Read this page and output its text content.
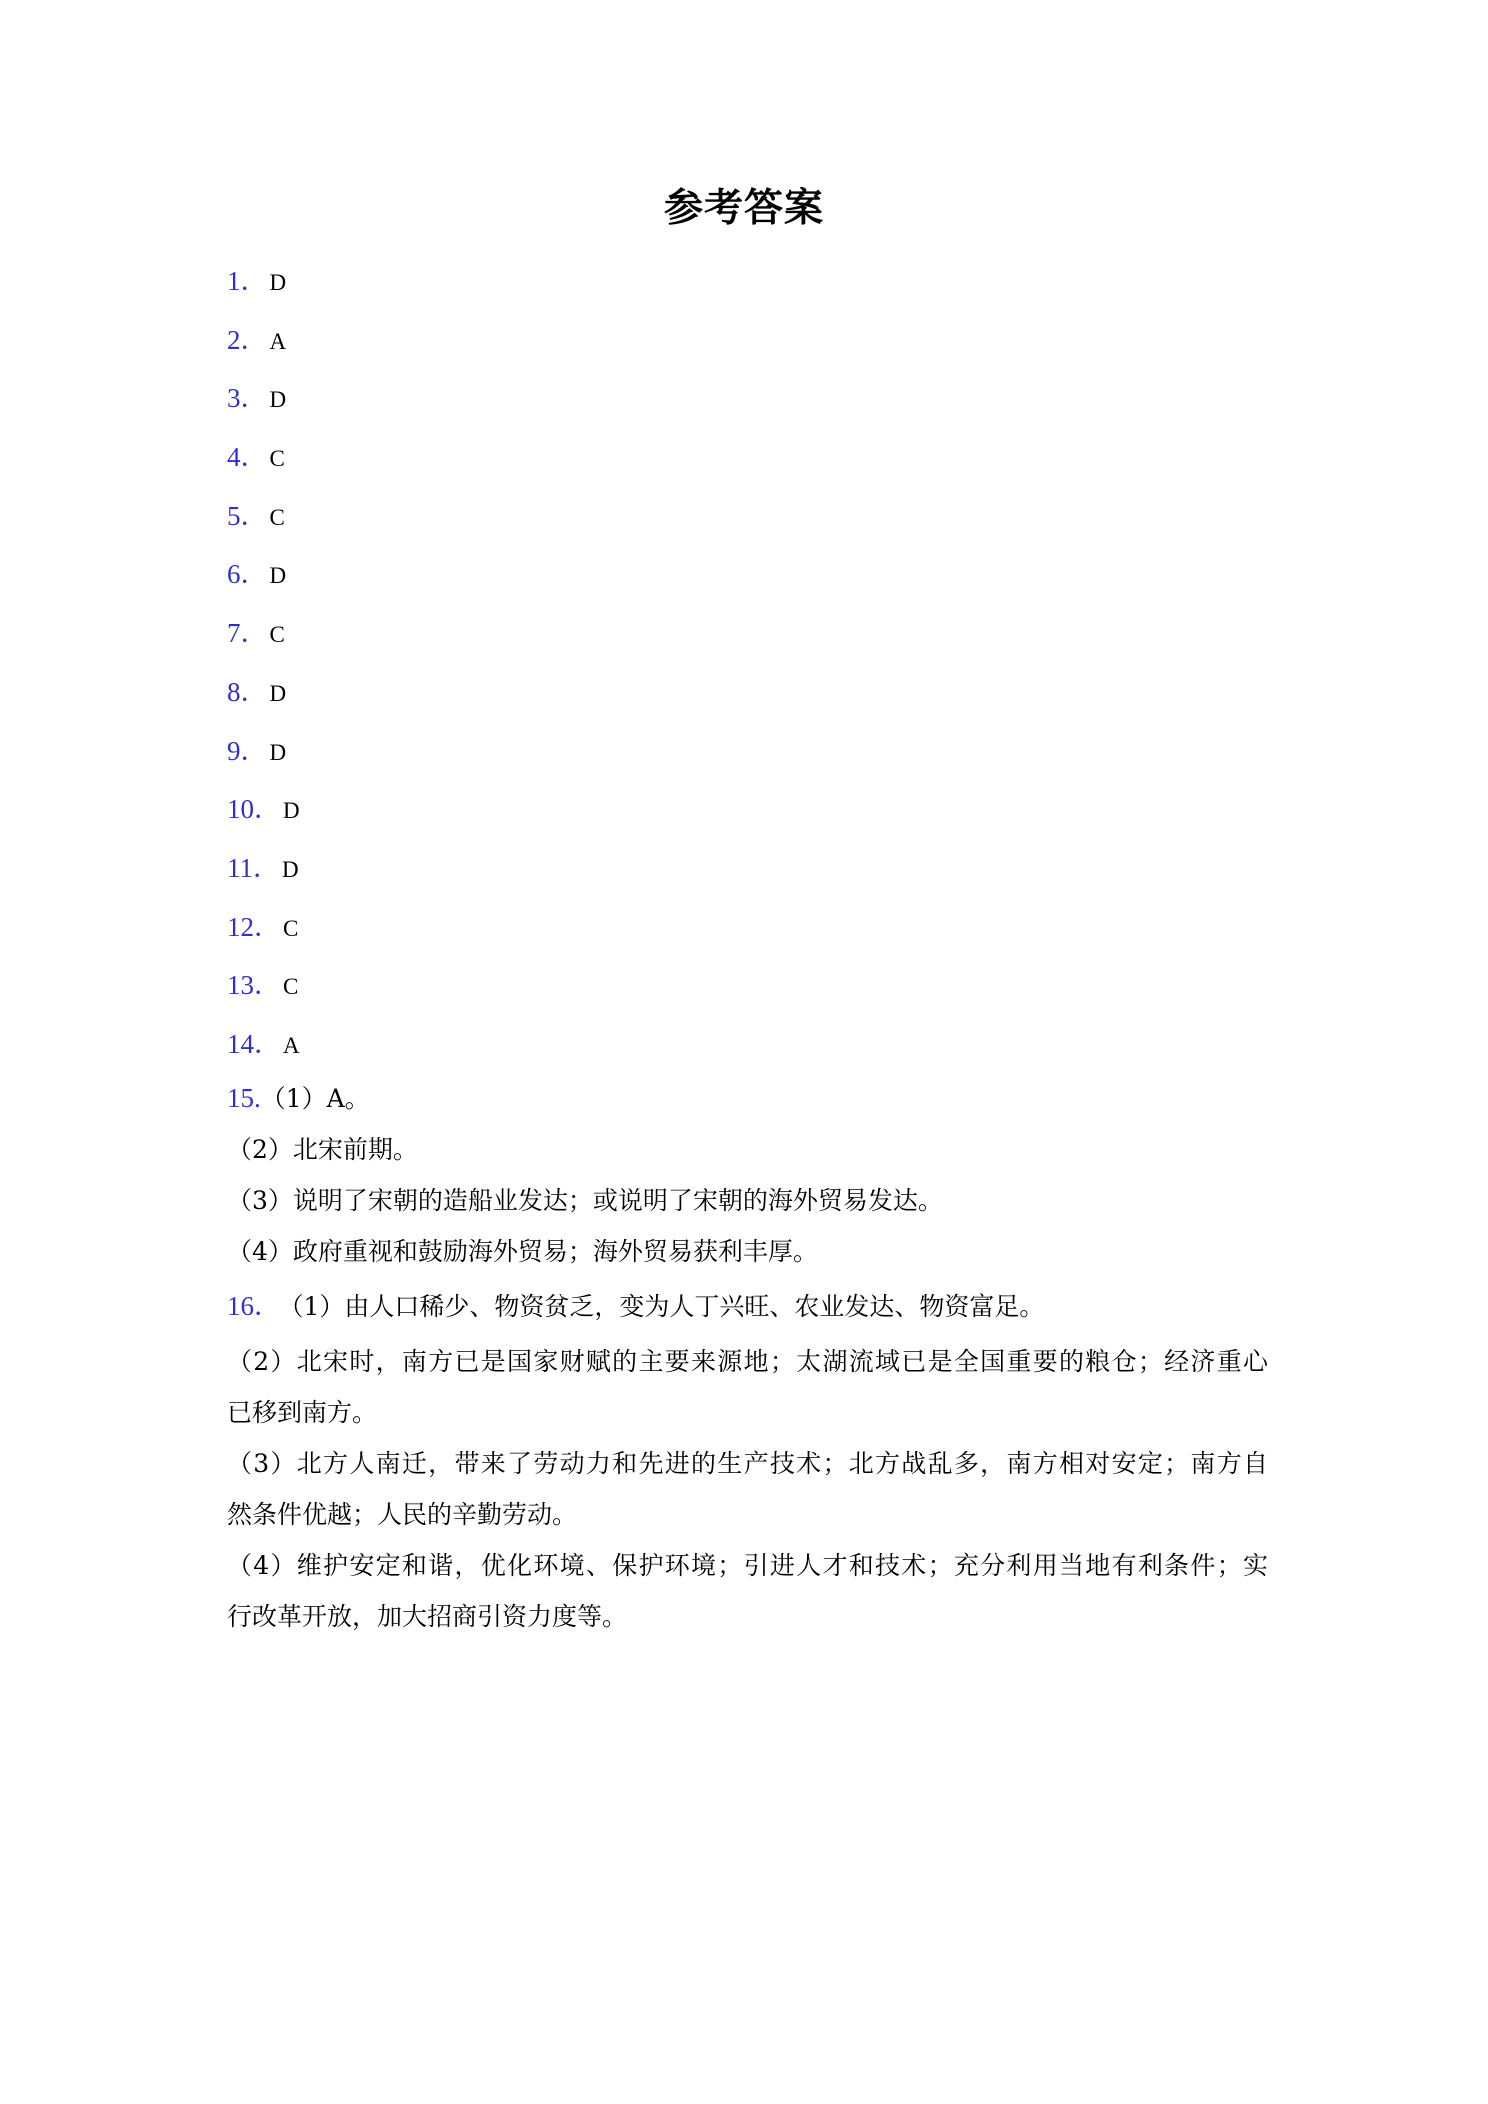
参考答案
1．D
2．A
3．D
4．C
5．C
6．D
7．C
8．D
9．D
10．D
11．D
12．C
13．C
14．A
15.（1）A。
（2）北宋前期。
（3）说明了宋朝的造船业发达；或说明了宋朝的海外贸易发达。
（4）政府重视和鼓励海外贸易；海外贸易获利丰厚。
16． （1）由人口稀少、物资贫乏，变为人丁兴旺、农业发达、物资富足。
（2）北宋时，南方已是国家财赋的主要来源地；太湖流域已是全国重要的粮仓；经济重心
已移到南方。
（3）北方人南迁，带来了劳动力和先进的生产技术；北方战乱多，南方相对安定；南方自
然条件优越；人民的辛勤劳动。
（4）维护安定和谐，优化环境、保护环境；引进人才和技术；充分利用当地有利条件；实
行改革开放，加大招商引资力度等。
